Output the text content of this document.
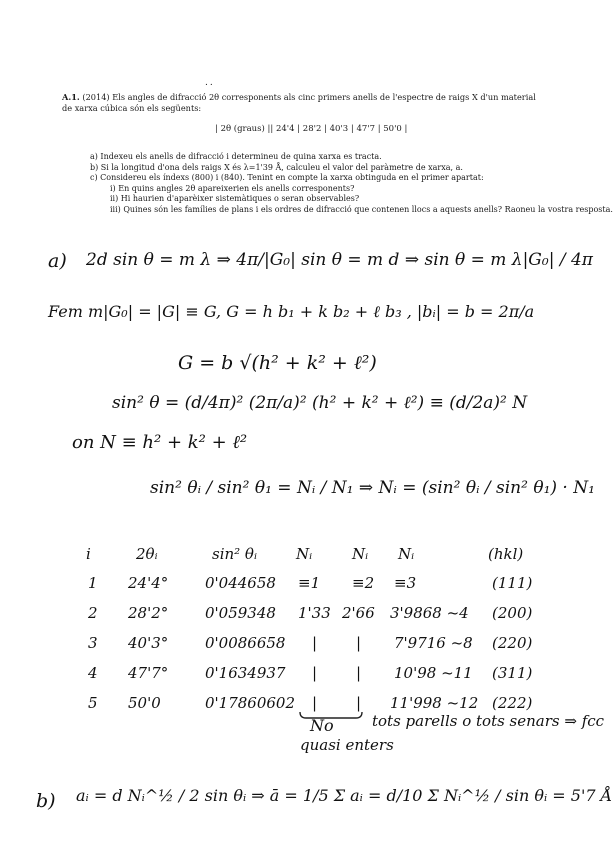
..

A.1. (2014) Els angles de difracció 2θ corresponents als cinc primers anells de l'espectre de raigs X d'un material de xarxa cúbica són els següents:

| 2θ (graus) || 24'4 | 28'2 | 40'3 | 47'7 | 50'0 |
a) Indexeu els anells de difracció i determineu de quina xarxa es tracta.
b) Si la longitud d'ona dels raigs X és λ=1'39 Å, calculeu el valor del paràmetre de xarxa, a.
c) Considereu els índexs (800) i (840). Tenint en compte la xarxa obtinguda en el primer apartat:
i) En quins angles 2θ apareixerien els anells corresponents?
ii) Hi haurien d'aparèixer sistemàtiques o seran observables?
iii) Quines són les famílies de plans i els ordres de difracció que contenen llocs a aquests anells? Raoneu la vostra resposta.
a) 2d sin θ = m λ ⇒ 4π/|G₀| sin θ = m d ⇒ sin θ = m λ|G₀| / 4π
Fem m|G₀| = |G| ≡ G, G = h b₁ + k b₂ + ℓ b₃ , |bᵢ| = b = 2π/a
G = b √(h² + k² + ℓ²)
sin² θ = (d/4π)² (2π/a)² (h² + k² + ℓ²) ≡ (d/2a)² N
on N ≡ h² + k² + ℓ²
sin² θᵢ / sin² θ₁ = Nᵢ / N₁ ⇒ Nᵢ = (sin² θᵢ / sin² θ₁) · N₁
i	2θᵢ	sin² θᵢ	Nᵢ	Nᵢ Nᵢ	(hkl)
1 24'4° 0'044658 ≡1 ≡2 ≡3	(111)
2 28'2° 0'059348 1'33 2'66 3'9868 ~4 (200)
3 40'3° 0'0086658 |	| 7'9716 ~8 (220)
4 47'7° 0'1634937 |	| 10'98 ~11 (311)
5 50'0	0'17860602 |	| 11'998 ~12 (222)
No
quasi enters
tots parells o tots senars ⇒ fcc
b) aᵢ = d Nᵢ^½ / 2 sin θᵢ ⇒ ā = 1/5 Σ aᵢ = d/10 Σ Nᵢ^½ / sin θᵢ = 5'7 Å
